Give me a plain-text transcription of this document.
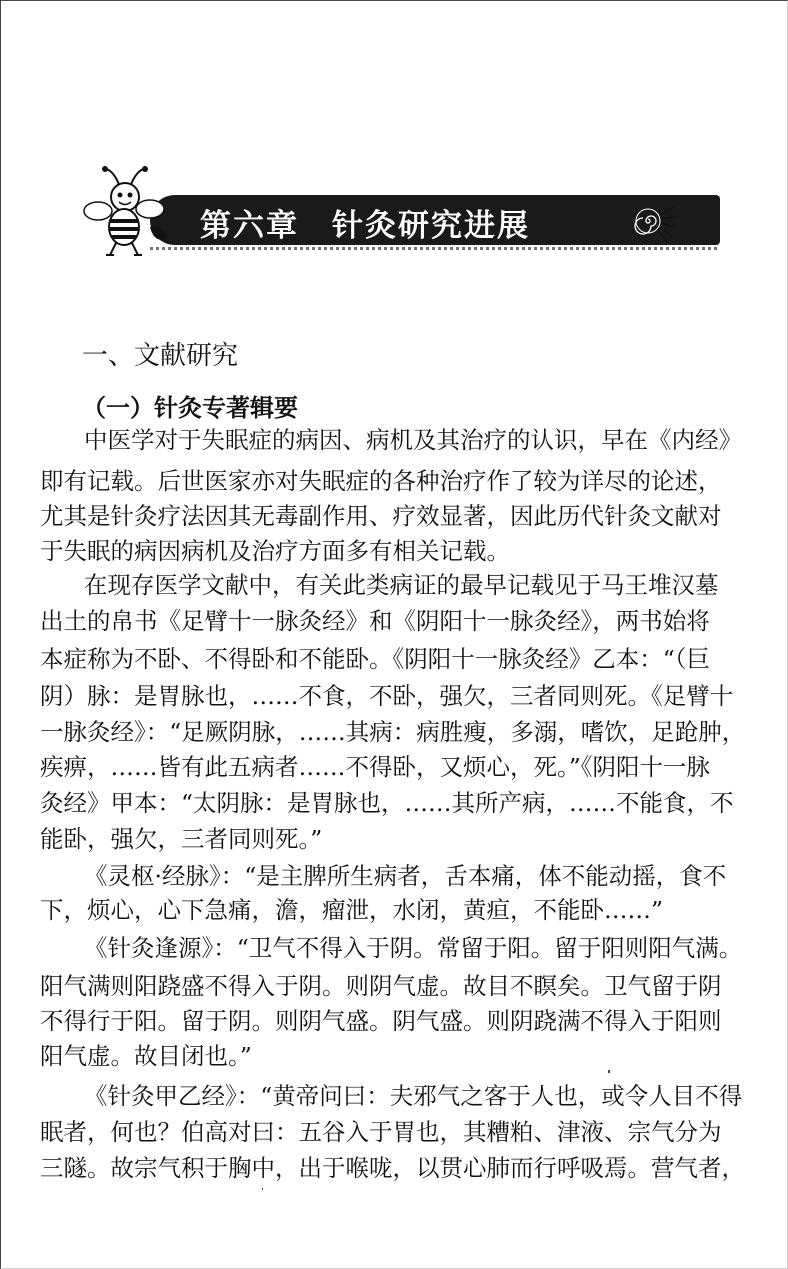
第六章　针灸研究进展
一、文献研究
（一）针灸专著辑要
中医学对于失眠症的病因、病机及其治疗的认识，早在《内经》
即有记载。后世医家亦对失眠症的各种治疗作了较为详尽的论述，
尤其是针灸疗法因其无毒副作用、疗效显著，因此历代针灸文献对
于失眠的病因病机及治疗方面多有相关记载。
在现存医学文献中，有关此类病证的最早记载见于马王堆汉墓
出土的帛书《足臂十一脉灸经》和《阴阳十一脉灸经》，两书始将
本症称为不卧、不得卧和不能卧。《阴阳十一脉灸经》乙本：“（巨
阴）脉：是胃脉也，……不食，不卧，强欠，三者同则死。《足臂十
一脉灸经》：“足厥阴脉，……其病：病胜瘦，多溺，嗜饮，足跄肿，
疾痹，……皆有此五病者……不得卧，又烦心，死。”《阴阳十一脉
灸经》甲本：“太阴脉：是胃脉也，……其所产病，……不能食，不
能卧，强欠，三者同则死。”
《灵枢·经脉》：“是主脾所生病者，舌本痛，体不能动摇，食不
下，烦心，心下急痛，澹，瘤泄，水闭，黄疸，不能卧……”
《针灸逢源》：“卫气不得入于阴。常留于阳。留于阳则阳气满。
阳气满则阳跷盛不得入于阴。则阴气虚。故目不瞑矣。卫气留于阴
不得行于阳。留于阴。则阴气盛。阴气盛。则阴跷满不得入于阳则
阳气虚。故目闭也。”
《针灸甲乙经》：“黄帝问曰：夫邪气之客于人也，或令人目不得
眠者，何也？伯高对曰：五谷入于胃也，其糟粕、津液、宗气分为
三隧。故宗气积于胸中，出于喉咙，以贯心肺而行呼吸焉。营气者，
